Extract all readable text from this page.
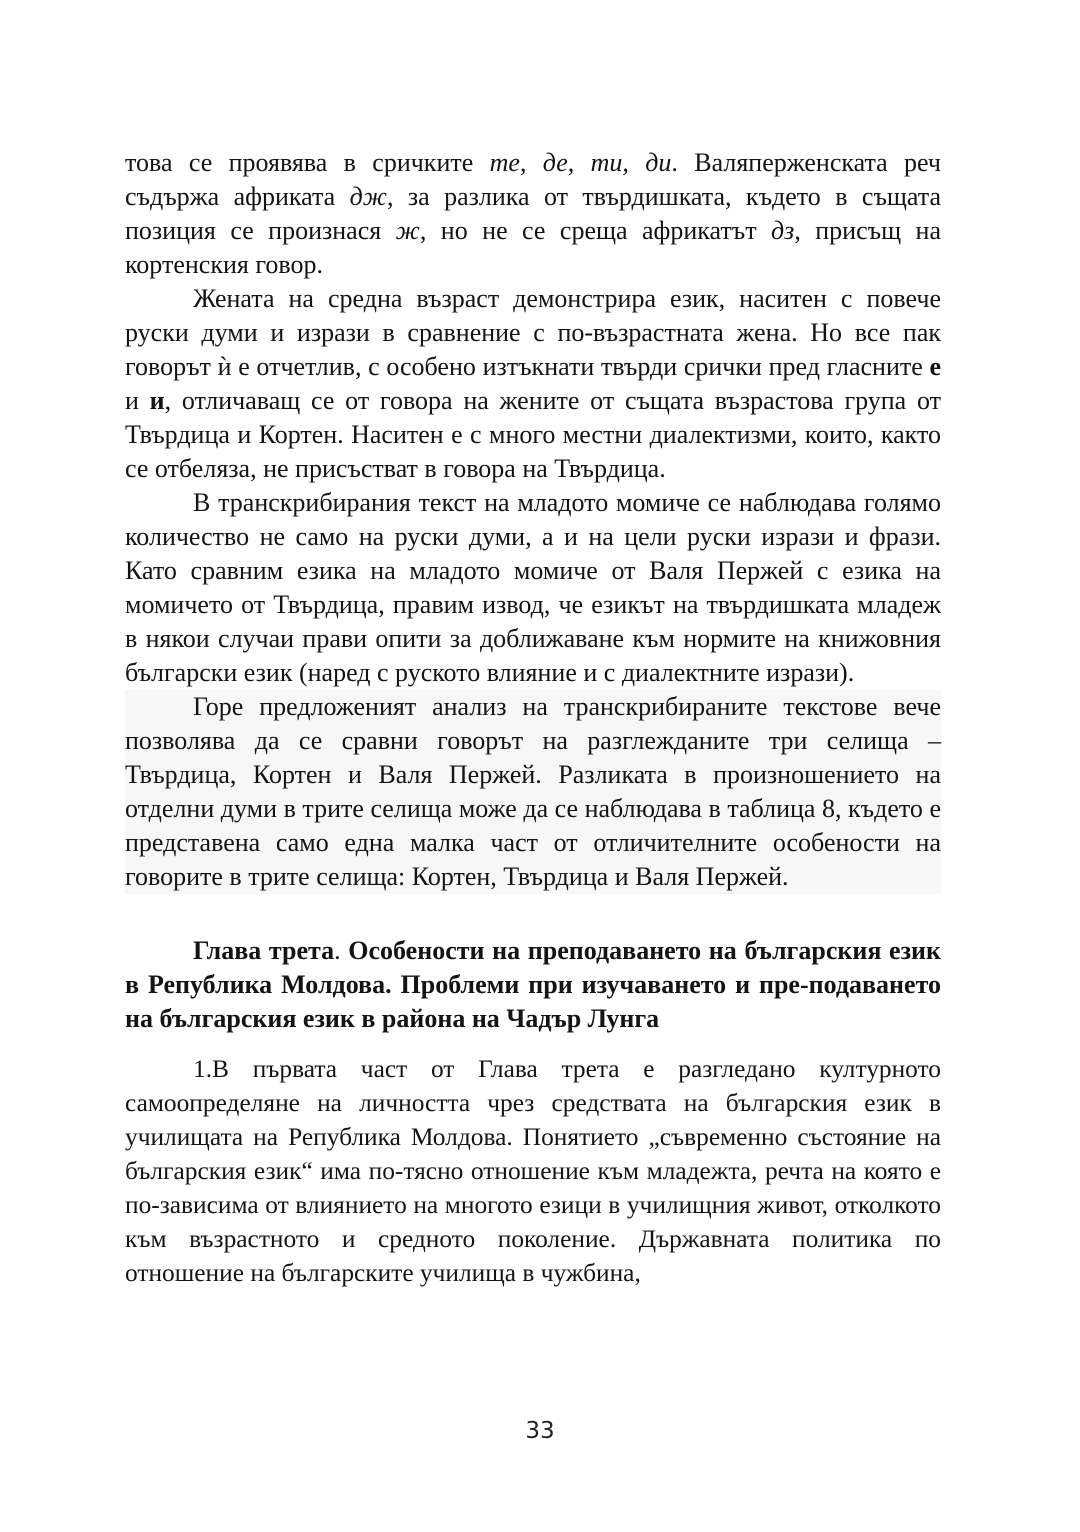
това се проявява в сричките те, де, ти, ди. Валяперженската реч съдържа африката дж, за разлика от твърдишката, където в същата позиция се произнася ж, но не се среща африкатът дз, присъщ на кортенския говор.

Жената на средна възраст демонстрира език, наситен с повече руски думи и изрази в сравнение с по-възрастната жена. Но все пак говорът ѝ е отчетлив, с особено изтъкнати твърди срички пред гласните е и и, отличаващ се от говора на жените от същата възрастова група от Твърдица и Кортен. Наситен е с много местни диалектизми, които, както се отбеляза, не присъстват в говора на Твърдица.

В транскрибирания текст на младото момиче се наблюдава голямо количество не само на руски думи, а и на цели руски изрази и фрази. Като сравним езика на младото момиче от Валя Пержей с езика на момичето от Твърдица, правим извод, че езикът на твърдишката младеж в някои случаи прави опити за доближаване към нормите на книжовния български език (наред с руското влияние и с диалектните изрази).

Горе предложеният анализ на транскрибираните текстове вече позволява да се сравни говорът на разглежданите три селища – Твърдица, Кортен и Валя Пержей. Разликата в произношението на отделни думи в трите селища може да се наблюдава в таблица 8, където е представена само една малка част от отличителните особености на говорите в трите селища: Кортен, Твърдица и Валя Пержей.

Глава трета. Особености на преподаването на българския език в Република Молдова. Проблеми при изучаването и пре-подаването на българския език в района на Чадър Лунга

1.В първата част от Глава трета е разгледано културното самоопределяне на личността чрез средствата на българския език в училищата на Република Молдова. Понятието „съвременно състояние на българския език“ има по-тясно отношение към младежта, речта на която е по-зависима от влиянието на многото езици в училищния живот, отколкото към възрастното и средното поколение. Държавната политика по отношение на българските училища в чужбина,

33
